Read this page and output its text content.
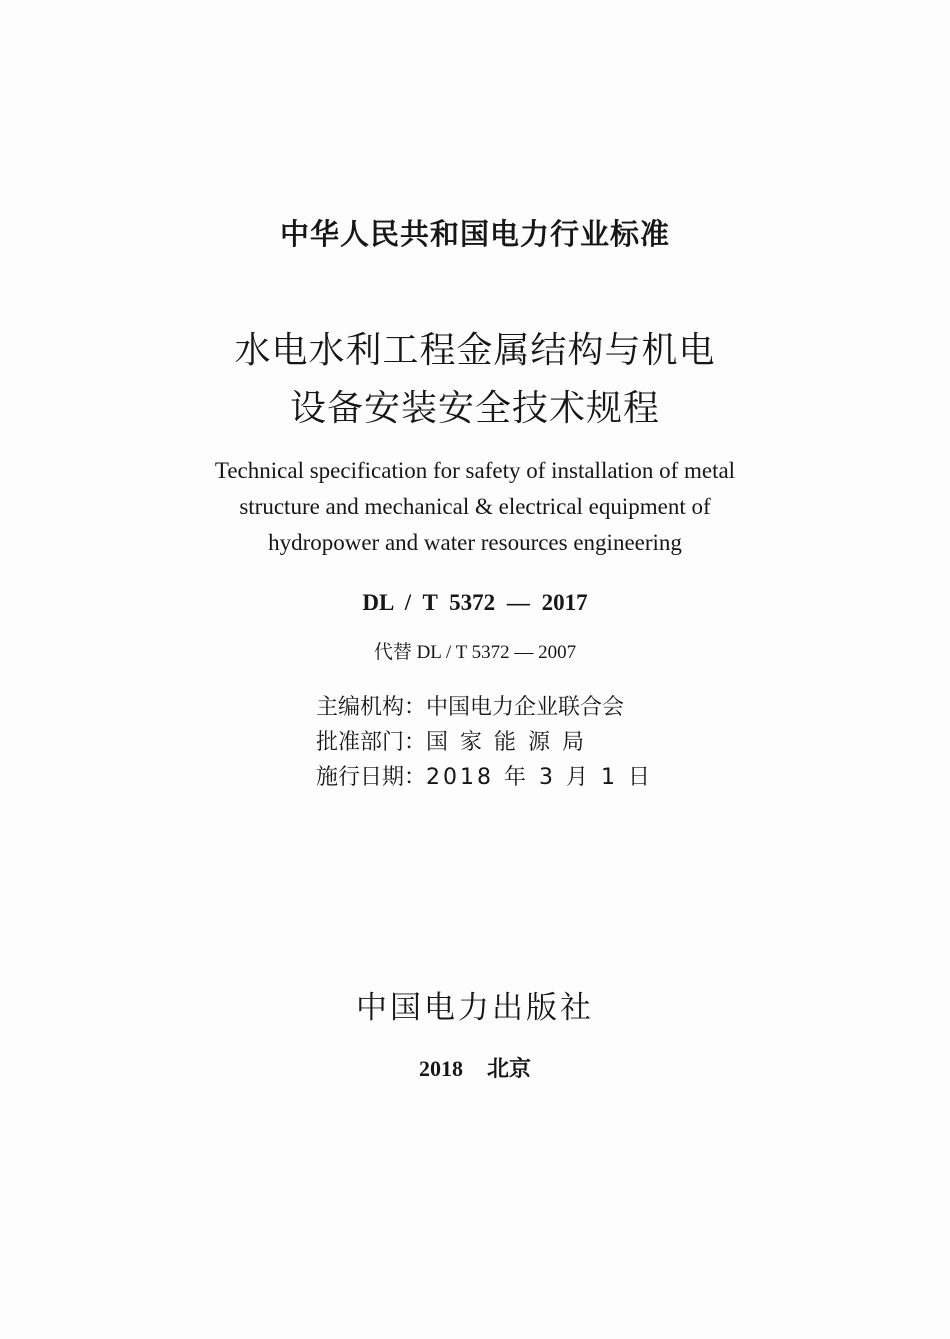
中华人民共和国电力行业标准
水电水利工程金属结构与机电
设备安装安全技术规程
Technical specification for safety of installation of metal
structure and mechanical & electrical equipment of
hydropower and water resources engineering
DL / T 5372 — 2017
代替 DL / T 5372 — 2007
主编机构：中国电力企业联合会
批准部门：国家能源局
施行日期：2018 年 3 月 1 日
中国电力出版社
2018 北京
